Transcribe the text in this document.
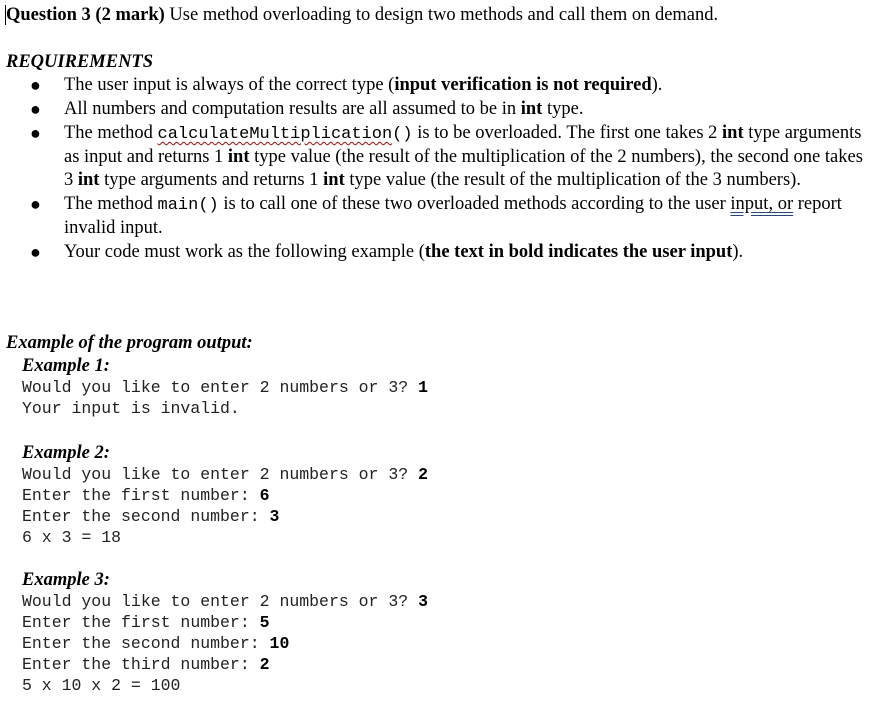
Question 3 (2 mark) Use method overloading to design two methods and call them on demand.
REQUIREMENTS
● The user input is always of the correct type (input verification is not required).
● All numbers and computation results are all assumed to be in int type.
● The method calculateMultiplication() is to be overloaded. The first one takes 2 int type arguments as input and returns 1 int type value (the result of the multiplication of the 2 numbers), the second one takes 3 int type arguments and returns 1 int type value (the result of the multiplication of the 3 numbers).
● The method main() is to call one of these two overloaded methods according to the user input, or report invalid input.
● Your code must work as the following example (the text in bold indicates the user input).
Example of the program output:
Example 1:
Would you like to enter 2 numbers or 3? 1
Your input is invalid.
Example 2:
Would you like to enter 2 numbers or 3? 2
Enter the first number: 6
Enter the second number: 3
6 x 3 = 18
Example 3:
Would you like to enter 2 numbers or 3? 3
Enter the first number: 5
Enter the second number: 10
Enter the third number: 2
5 x 10 x 2 = 100
